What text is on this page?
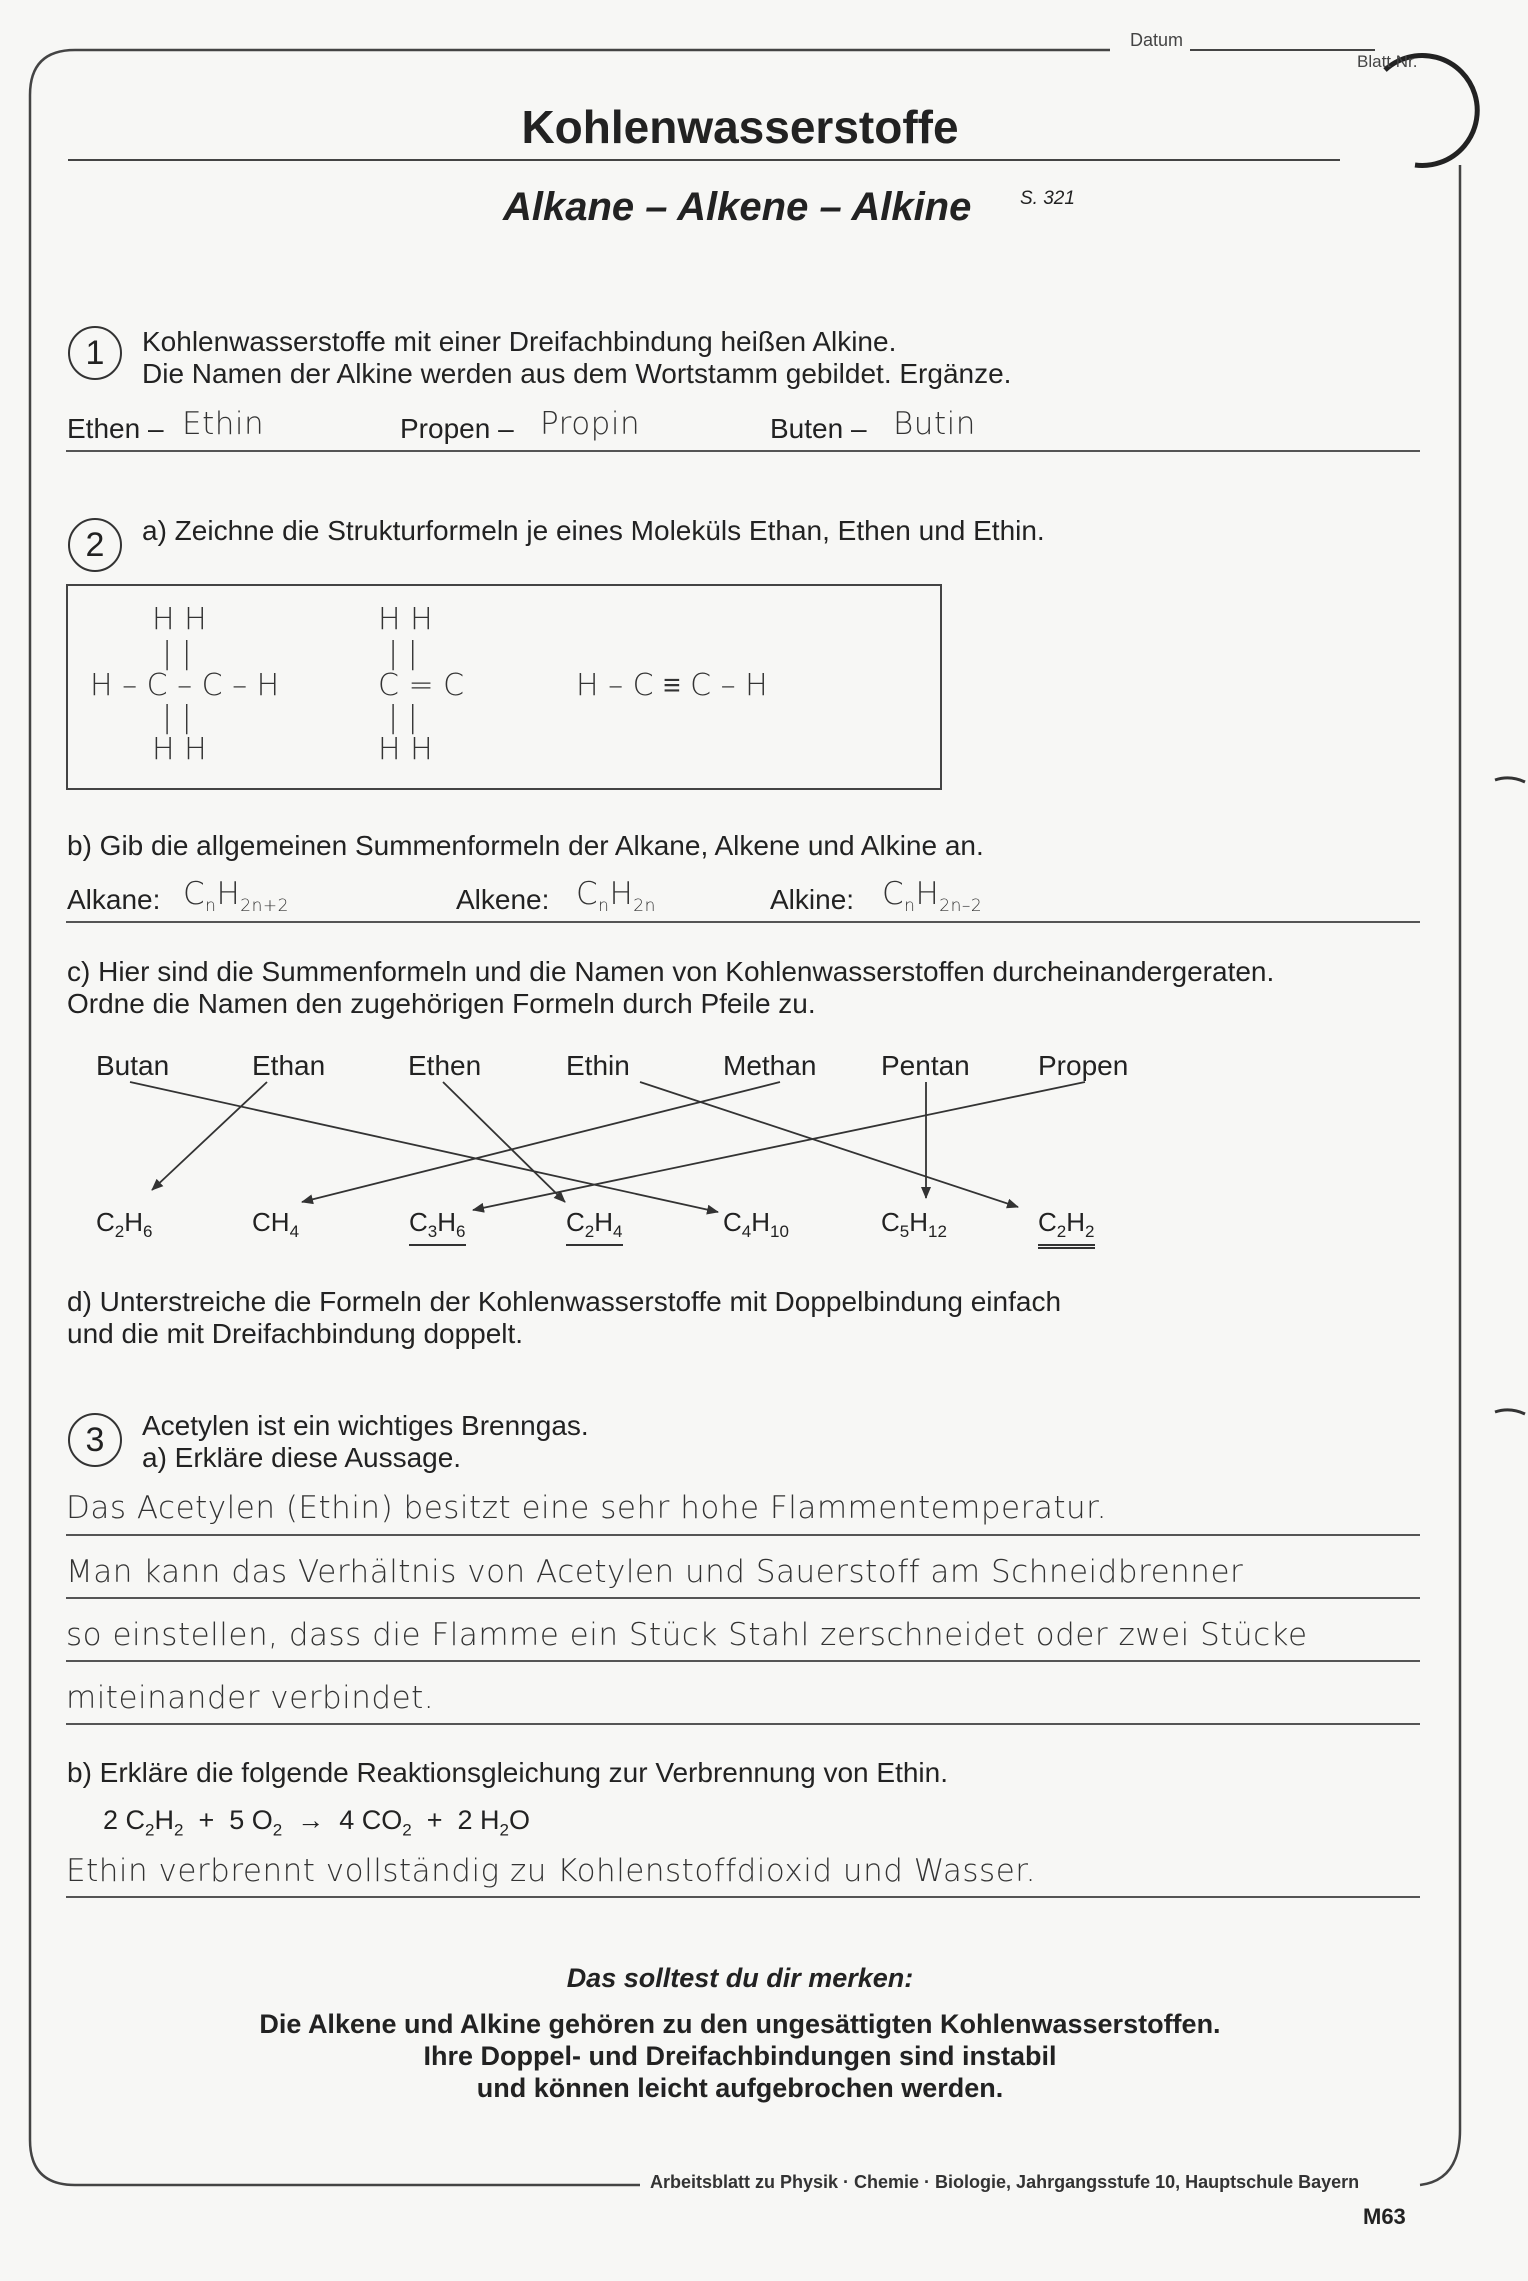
Datum
Blatt Nr.
Kohlenwasserstoffe
Alkane – Alkene – Alkine	S. 321
1	Kohlenwasserstoffe mit einer Dreifachbindung heißen Alkine.
Die Namen der Alkine werden aus dem Wortstamm gebildet. Ergänze.
Ethen – Ethin	Propen – Propin	Buten – Butin
2	a) Zeichne die Strukturformeln je eines Moleküls Ethan, Ethen und Ethin.
H H
| |
H – C – C – H
| |
H H
H H
| |
C = C
| |
H H
H – C ≡ C – H
b) Gib die allgemeinen Summenformeln der Alkane, Alkene und Alkine an.
Alkane: $C_nH_{2n+2}$	Alkene: $C_nH_{2n}$	Alkine: $C_nH_{2n-2}$
c) Hier sind die Summenformeln und die Namen von Kohlenwasserstoffen durcheinandergeraten.
Ordne die Namen den zugehörigen Formeln durch Pfeile zu.
Butan	Ethan	Ethen	Ethin	Methan Pentan Propen
$C_2H_6$	$CH_4$	$C_3H_6$	$C_2H_4$	$C_4H_{10}$	$C_5H_{12}$	$C_2H_2$
d) Unterstreiche die Formeln der Kohlenwasserstoffe mit Doppelbindung einfach
und die mit Dreifachbindung doppelt.
3	Acetylen ist ein wichtiges Brenngas.
a) Erkläre diese Aussage.
Das Acetylen (Ethin) besitzt eine sehr hohe Flammentemperatur.
Man kann das Verhältnis von Acetylen und Sauerstoff am Schneidbrenner
so einstellen, dass die Flamme ein Stück Stahl zerschneidet oder zwei Stücke
miteinander verbindet.
b) Erkläre die folgende Reaktionsgleichung zur Verbrennung von Ethin.
2 $C_2H_2 + 5$ $O_2 \to 4$ $CO_2 + 2$ $H_2O$
Ethin verbrennt vollständig zu Kohlenstoffdioxid und Wasser.
Das solltest du dir merken:
Die Alkene und Alkine gehören zu den ungesättigten Kohlenwasserstoffen.
Ihre Doppel- und Dreifachbindungen sind instabil
und können leicht aufgebrochen werden.
Arbeitsblatt zu Physik · Chemie · Biologie, Jahrgangsstufe 10, Hauptschule Bayern
M63
